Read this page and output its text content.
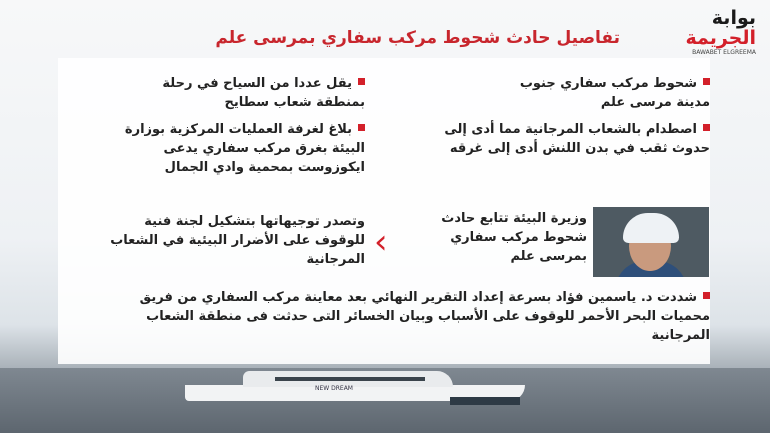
NEW DREAM
بوابة
الجريمة
BAWABET ELGREEMA
تفاصيل حادث شحوط مركب سفاري بمرسى علم
شحوط مركب سفاري جنوب مدينة مرسى علم
يقل عددا من السياح في رحلة بمنطقة شعاب سطايح
اصطدام بالشعاب المرجانية مما أدى إلى حدوث ثقب في بدن اللنش أدى إلى غرقه
بلاغ لغرفة العمليات المركزية بوزارة البيئة بغرق مركب سفاري يدعى ايكوزوست بمحمية وادي الجمال
وزيرة البيئة تتابع حادث شحوط مركب سفاري بمرسى علم
‹
وتصدر توجيهاتها بتشكيل لجنة فنية للوقوف على الأضرار البيئية في الشعاب المرجانية
شددت د. ياسمين فؤاد بسرعة إعداد التقرير النهائي بعد معاينة مركب السفاري من فريق محميات البحر الأحمر للوقوف على الأسباب وبيان الخسائر التى حدثت فى منطقة الشعاب المرجانية
